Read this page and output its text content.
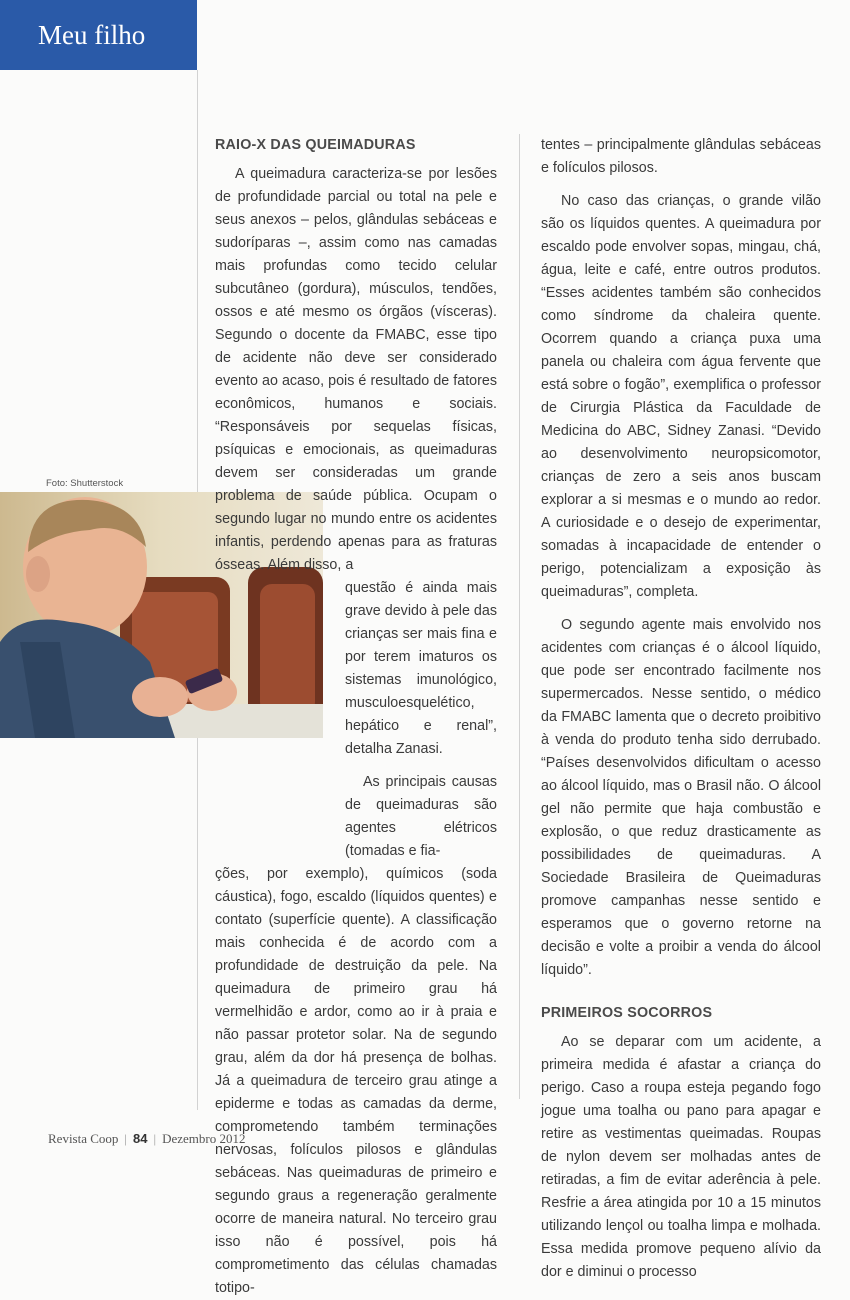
Meu filho
Foto: Shutterstock
RAIO-X DAS QUEIMADURAS

A queimadura caracteriza-se por lesões de profundidade parcial ou total na pele e seus anexos – pelos, glândulas sebáceas e sudoríparas –, assim como nas camadas mais profundas como tecido celular subcutâneo (gordura), músculos, tendões, ossos e até mesmo os órgãos (vísceras). Segundo o docente da FMABC, esse tipo de acidente não deve ser considerado evento ao acaso, pois é resultado de fatores econômicos, humanos e sociais. “Responsáveis por sequelas físicas, psíquicas e emocionais, as queimaduras devem ser consideradas um grande problema de saúde pública. Ocupam o segundo lugar no mundo entre os acidentes infantis, perdendo apenas para as fraturas ósseas. Além disso, a

questão é ainda mais grave devido à pele das crianças ser mais fina e por terem imaturos os sistemas imunológico, musculoesquelético, hepático e renal”, detalha Zanasi.

As principais causas de queimaduras são agentes elétricos (tomadas e fia-

ções, por exemplo), químicos (soda cáustica), fogo, escaldo (líquidos quentes) e contato (superfície quente). A classificação mais conhecida é de acordo com a profundidade de destruição da pele. Na queimadura de primeiro grau há vermelhidão e ardor, como ao ir à praia e não passar protetor solar. Na de segundo grau, além da dor há presença de bolhas. Já a queimadura de terceiro grau atinge a epiderme e todas as camadas da derme, comprometendo também terminações nervosas, folículos pilosos e glândulas sebáceas. Nas queimaduras de primeiro e segundo graus a regeneração geralmente ocorre de maneira natural. No terceiro grau isso não é possível, pois há comprometimento das células chamadas totipo-

tentes – principalmente glândulas sebáceas e folículos pilosos.

No caso das crianças, o grande vilão são os líquidos quentes. A queimadura por escaldo pode envolver sopas, mingau, chá, água, leite e café, entre outros produtos. “Esses acidentes também são conhecidos como síndrome da chaleira quente. Ocorrem quando a criança puxa uma panela ou chaleira com água fervente que está sobre o fogão”, exemplifica o professor de Cirurgia Plástica da Faculdade de Medicina do ABC, Sidney Zanasi. “Devido ao desenvolvimento neuropsicomotor, crianças de zero a seis anos buscam explorar a si mesmas e o mundo ao redor. A curiosidade e o desejo de experimentar, somadas à incapacidade de entender o perigo, potencializam a exposição às queimaduras”, completa.

O segundo agente mais envolvido nos acidentes com crianças é o álcool líquido, que pode ser encontrado facilmente nos supermercados. Nesse sentido, o médico da FMABC lamenta que o decreto proibitivo à venda do produto tenha sido derrubado. “Países desenvolvidos dificultam o acesso ao álcool líquido, mas o Brasil não. O álcool gel não permite que haja combustão e explosão, o que reduz drasticamente as possibilidades de queimaduras. A Sociedade Brasileira de Queimaduras promove campanhas nesse sentido e esperamos que o governo retorne na decisão e volte a proibir a venda do álcool líquido”.

PRIMEIROS SOCORROS

Ao se deparar com um acidente, a primeira medida é afastar a criança do perigo. Caso a roupa esteja pegando fogo jogue uma toalha ou pano para apagar e retire as vestimentas queimadas. Roupas de nylon devem ser molhadas antes de retiradas, a fim de evitar aderência à pele. Resfrie a área atingida por 10 a 15 minutos utilizando lençol ou toalha limpa e molhada. Essa medida promove pequeno alívio da dor e diminui o processo

Revista Coop | 84 | Dezembro 2012
